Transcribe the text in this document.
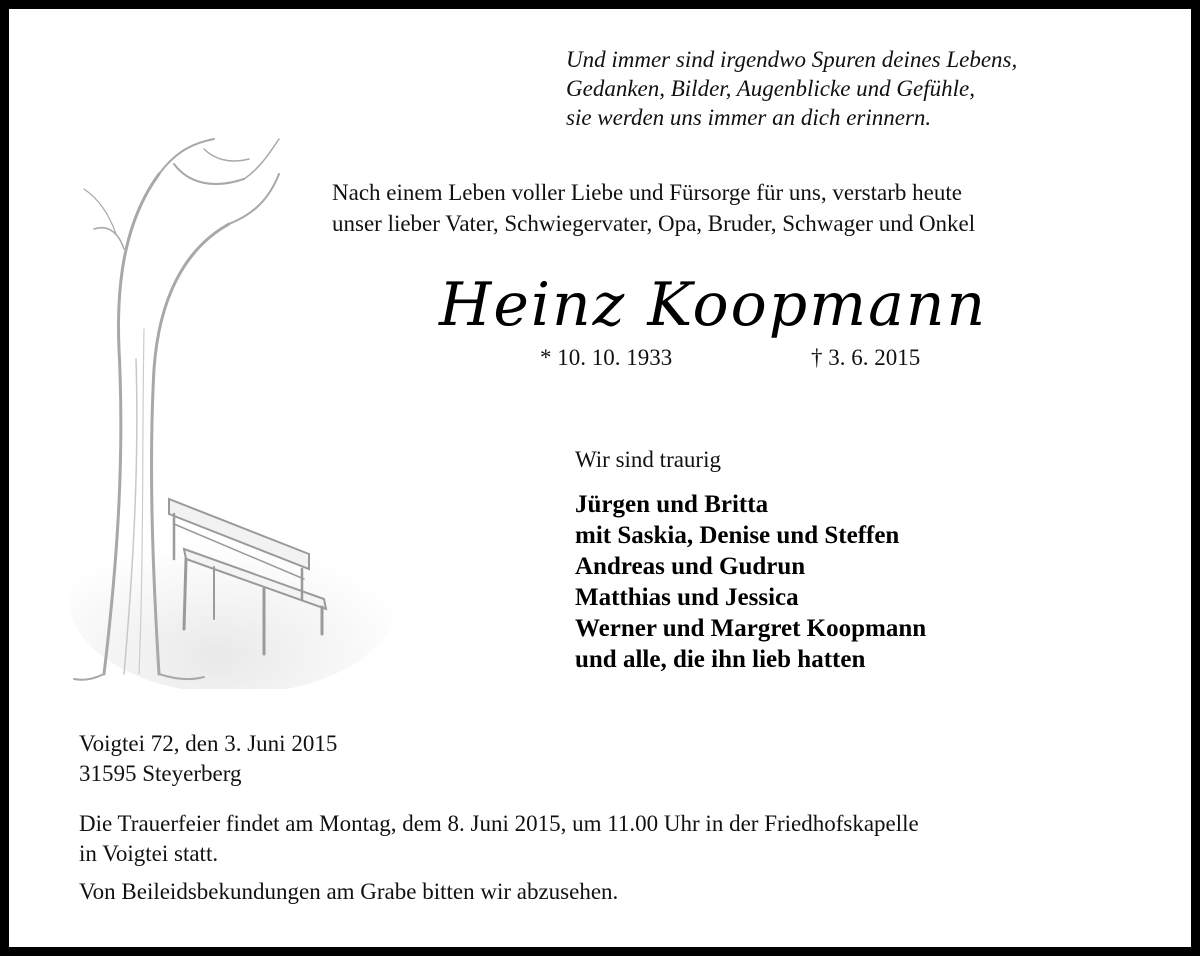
Und immer sind irgendwo Spuren deines Lebens,
Gedanken, Bilder, Augenblicke und Gefühle,
sie werden uns immer an dich erinnern.
Nach einem Leben voller Liebe und Fürsorge für uns, verstarb heute
unser lieber Vater, Schwiegervater, Opa, Bruder, Schwager und Onkel
Heinz Koopmann
* 10. 10. 1933	† 3. 6. 2015
Wir sind traurig
Jürgen und Britta
mit Saskia, Denise und Steffen
Andreas und Gudrun
Matthias und Jessica
Werner und Margret Koopmann
und alle, die ihn lieb hatten
Voigtei 72, den 3. Juni 2015
31595 Steyerberg
Die Trauerfeier findet am Montag, dem 8. Juni 2015, um 11.00 Uhr in der Friedhofskapelle
in Voigtei statt.
Von Beileidsbekundungen am Grabe bitten wir abzusehen.
